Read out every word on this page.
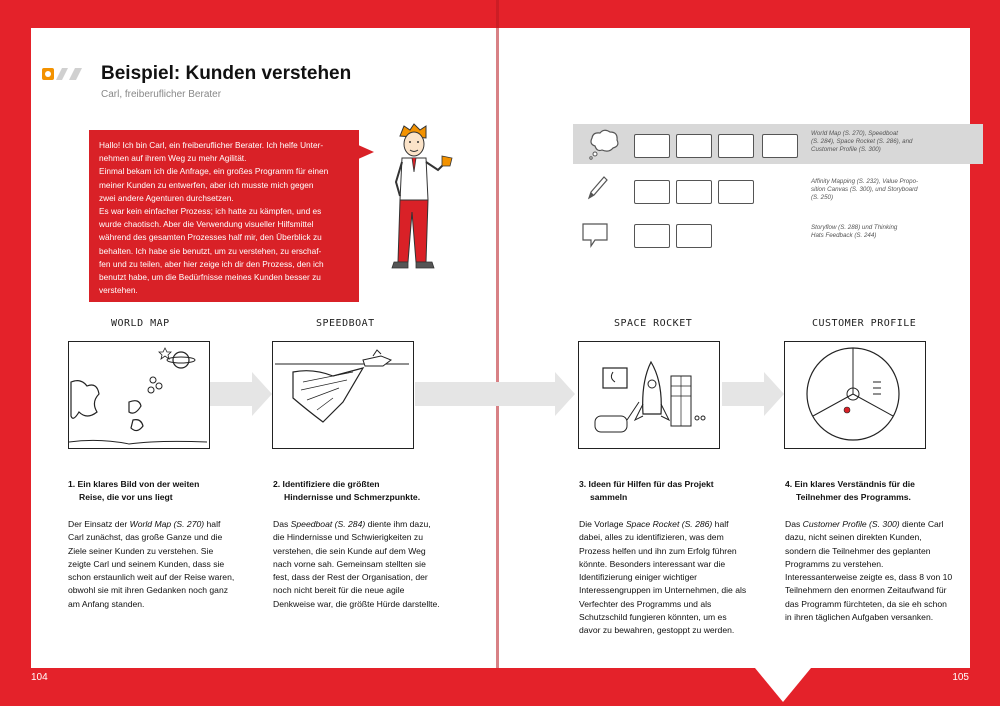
Beispiel: Kunden verstehen
Carl, freiberuflicher Berater
Hallo! Ich bin Carl, ein freiberuflicher Berater. Ich helfe Unter-
nehmen auf ihrem Weg zu mehr Agilität.
Einmal bekam ich die Anfrage, ein großes Programm für einen
meiner Kunden zu entwerfen, aber ich musste mich gegen
zwei andere Agenturen durchsetzen.
Es war kein einfacher Prozess; ich hatte zu kämpfen, und es
wurde chaotisch. Aber die Verwendung visueller Hilfsmittel
während des gesamten Prozesses half mir, den Überblick zu
behalten. Ich habe sie benutzt, um zu verstehen, zu erschaf-
fen und zu teilen, aber hier zeige ich dir den Prozess, den ich
benutzt habe, um die Bedürfnisse meines Kunden besser zu
verstehen.
World Map (S. 270), Speedboat
(S. 284), Space Rocket (S. 286), and
Customer Profile (S. 300)
Affinity Mapping (S. 232), Value Propo-
sition Canvas (S. 300), und Storyboard
(S. 250)
Storyflow (S. 288) und Thinking
Hats Feedback (S. 244)
WORLD MAP	SPEEDBOAT	SPACE ROCKET	CUSTOMER PROFILE
1. Ein klares Bild von der weiten
Reise, die vor uns liegt
2. Identifiziere die größten
Hindernisse und Schmerzpunkte.
3. Ideen für Hilfen für das Projekt
sammeln
4. Ein klares Verständnis für die
Teilnehmer des Programms.
Der Einsatz der World Map (S. 270) half Carl zunächst, das große Ganze und die Ziele seiner Kunden zu verstehen. Sie zeigte Carl und seinem Kunden, dass sie schon erstaunlich weit auf der Reise waren, obwohl sie mit ihren Gedanken noch ganz am Anfang standen.
Das Speedboat (S. 284) diente ihm dazu, die Hindernisse und Schwierigkeiten zu verstehen, die sein Kunde auf dem Weg nach vorne sah. Gemeinsam stellten sie fest, dass der Rest der Organisation, der noch nicht bereit für die neue agile Denkweise war, die größte Hürde darstellte.
Die Vorlage Space Rocket (S. 286) half dabei, alles zu identifizieren, was dem Prozess helfen und ihn zum Erfolg führen könnte. Besonders interessant war die Identifizierung einiger wichtiger Interessengruppen im Unternehmen, die als Verfechter des Programms und als Schutzschild fungieren könnten, um es davor zu bewahren, gestoppt zu werden.
Das Customer Profile (S. 300) diente Carl dazu, nicht seinen direkten Kunden, sondern die Teilnehmer des geplanten Programms zu verstehen. Interessanterweise zeigte es, dass 8 von 10 Teilnehmern den enormen Zeitaufwand für das Programm fürchteten, da sie eh schon in ihren täglichen Aufgaben versanken.
104	105
